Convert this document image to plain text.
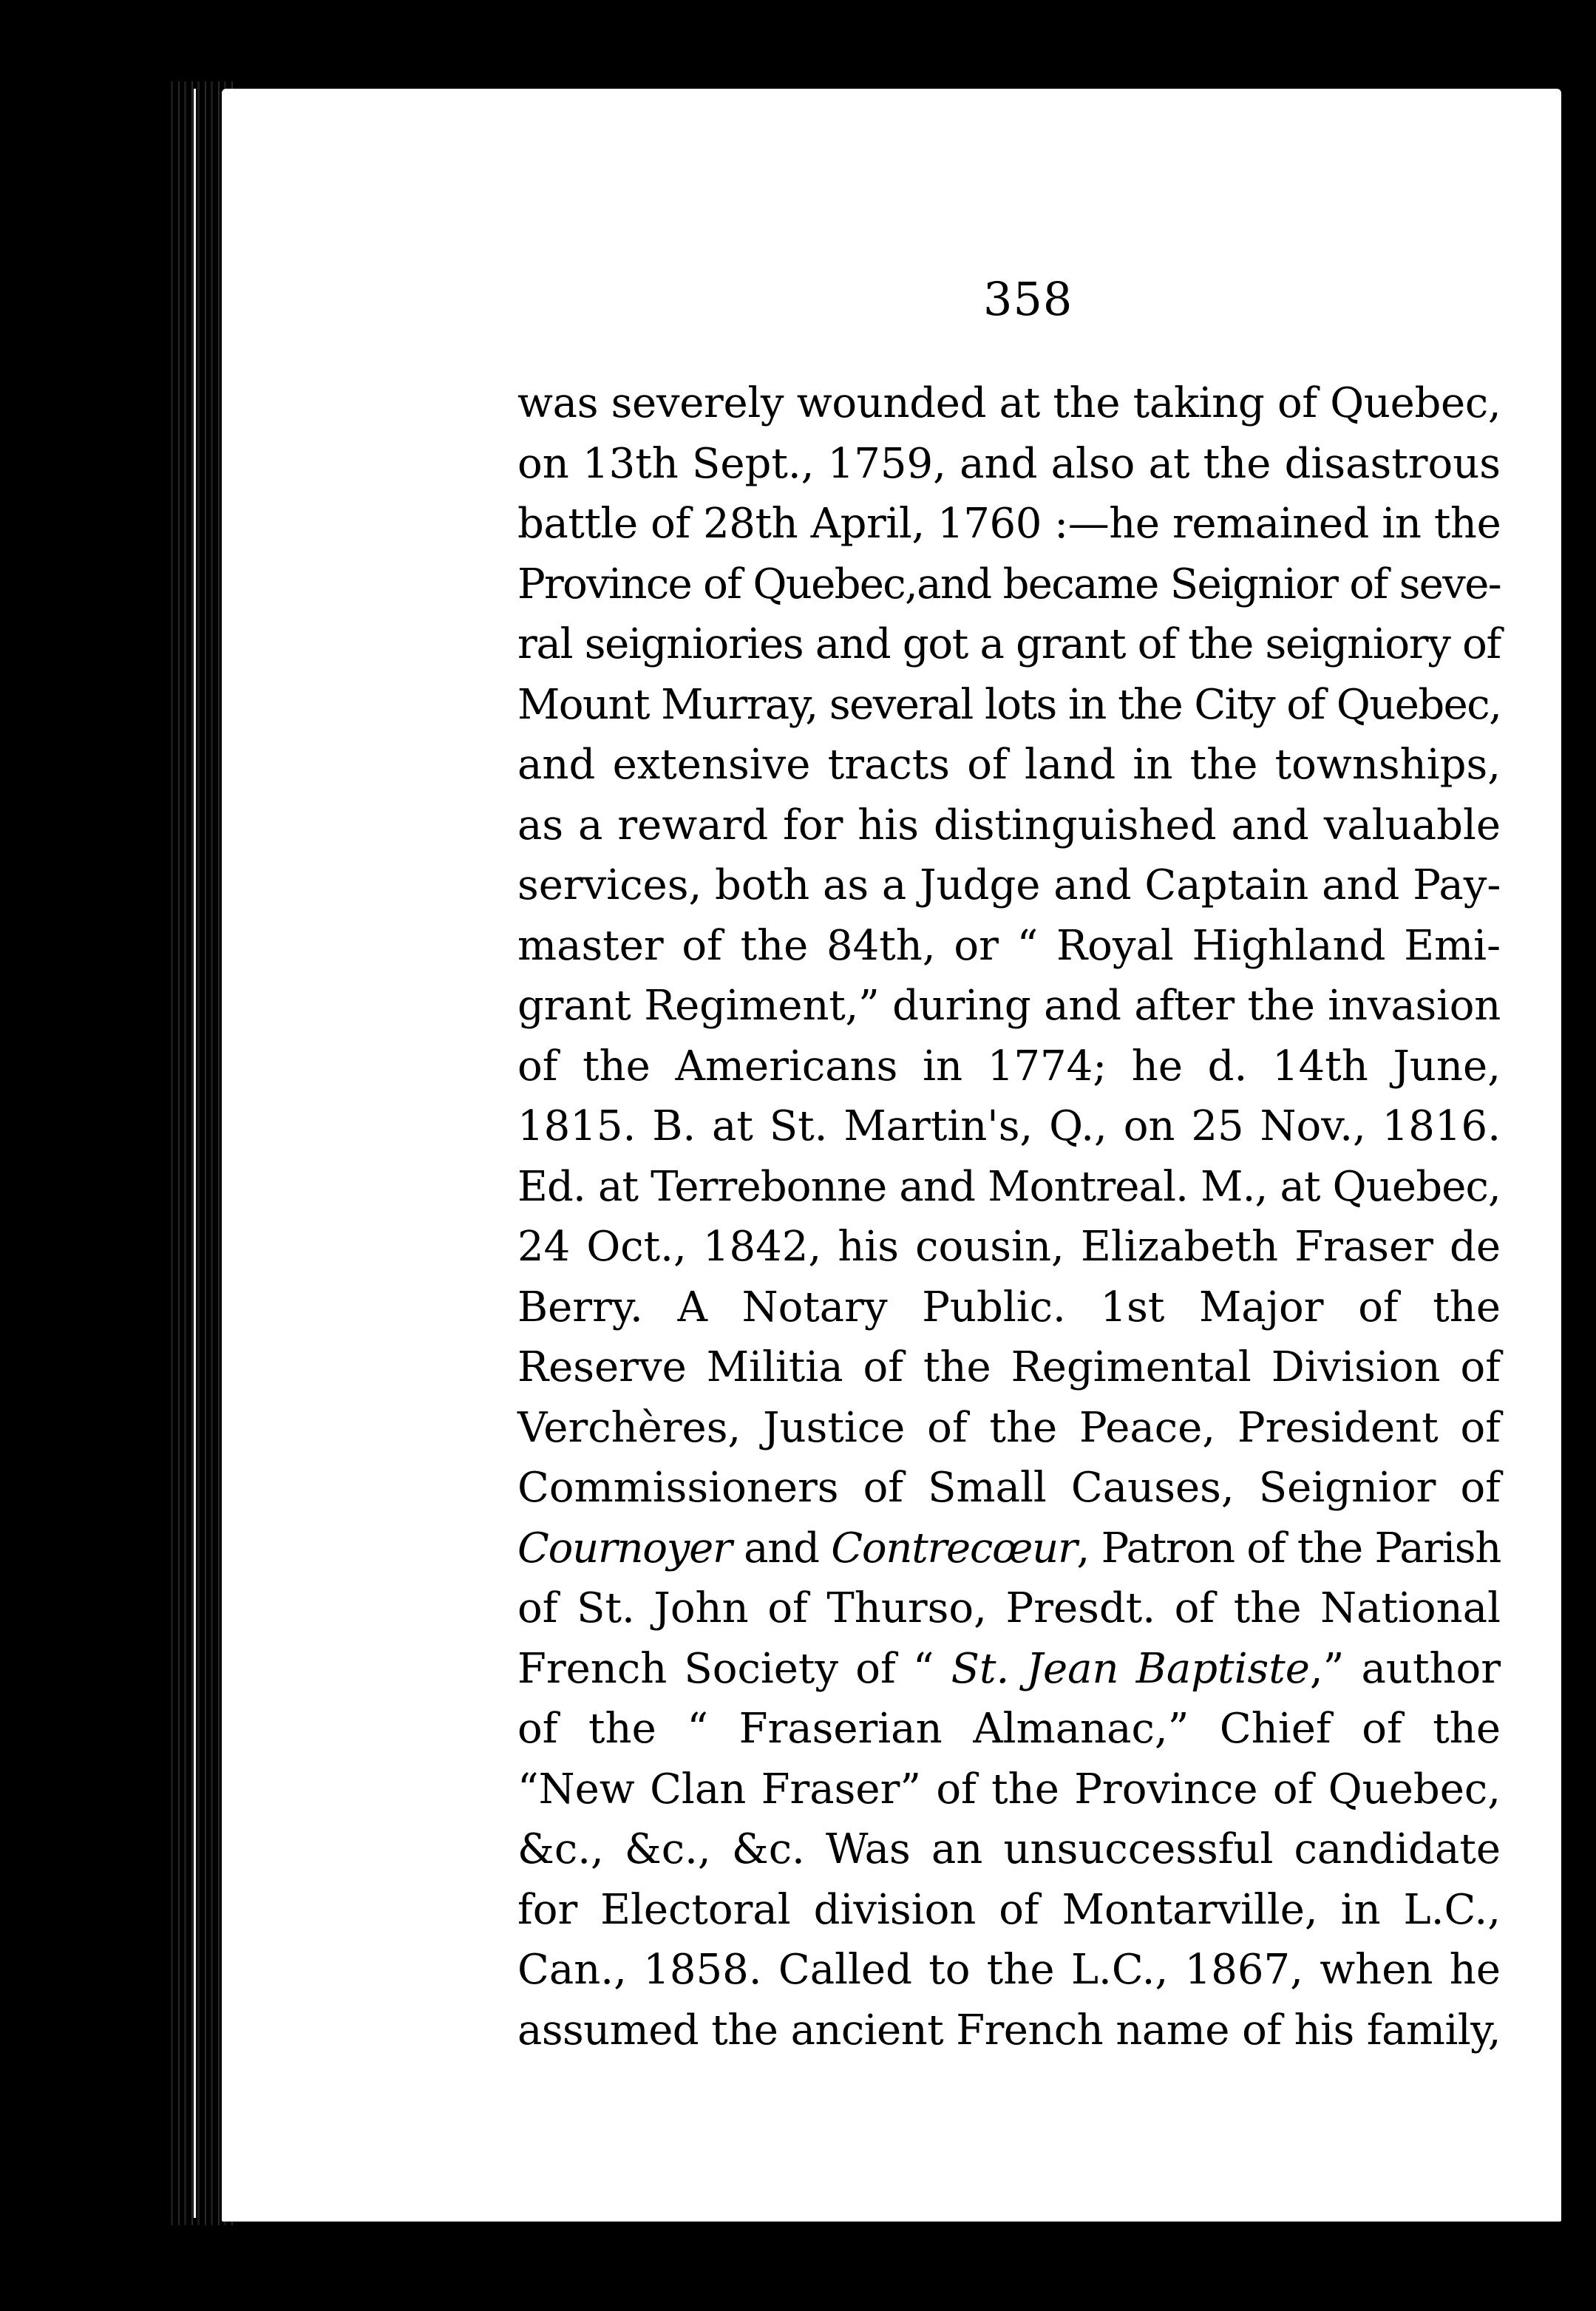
358
was severely wounded at the taking of Quebec,
on 13th Sept., 1759, and also at the disastrous
battle of 28th April, 1760 :—he remained in the
Province of Quebec,and became Seignior of seve-
ral seigniories and got a grant of the seigniory of
Mount Murray, several lots in the City of Quebec,
and extensive tracts of land in the townships,
as a reward for his distinguished and valuable
services, both as a Judge and Captain and Pay-
master of the 84th, or “ Royal Highland Emi-
grant Regiment,” during and after the invasion
of the Americans in 1774; he d. 14th June,
1815. B. at St. Martin's, Q., on 25 Nov., 1816.
Ed. at Terrebonne and Montreal. M., at Quebec,
24 Oct., 1842, his cousin, Elizabeth Fraser de
Berry. A Notary Public. 1st Major of the
Reserve Militia of the Regimental Division of
Verchères, Justice of the Peace, President of
Commissioners of Small Causes, Seignior of
Cournoyer and Contrecœur, Patron of the Parish
of St. John of Thurso, Presdt. of the National
French Society of “ St. Jean Baptiste,” author
of the “ Fraserian Almanac,” Chief of the
“New Clan Fraser” of the Province of Quebec,
&c., &c., &c. Was an unsuccessful candidate
for Electoral division of Montarville, in L.C.,
Can., 1858. Called to the L.C., 1867, when he
assumed the ancient French name of his family,
